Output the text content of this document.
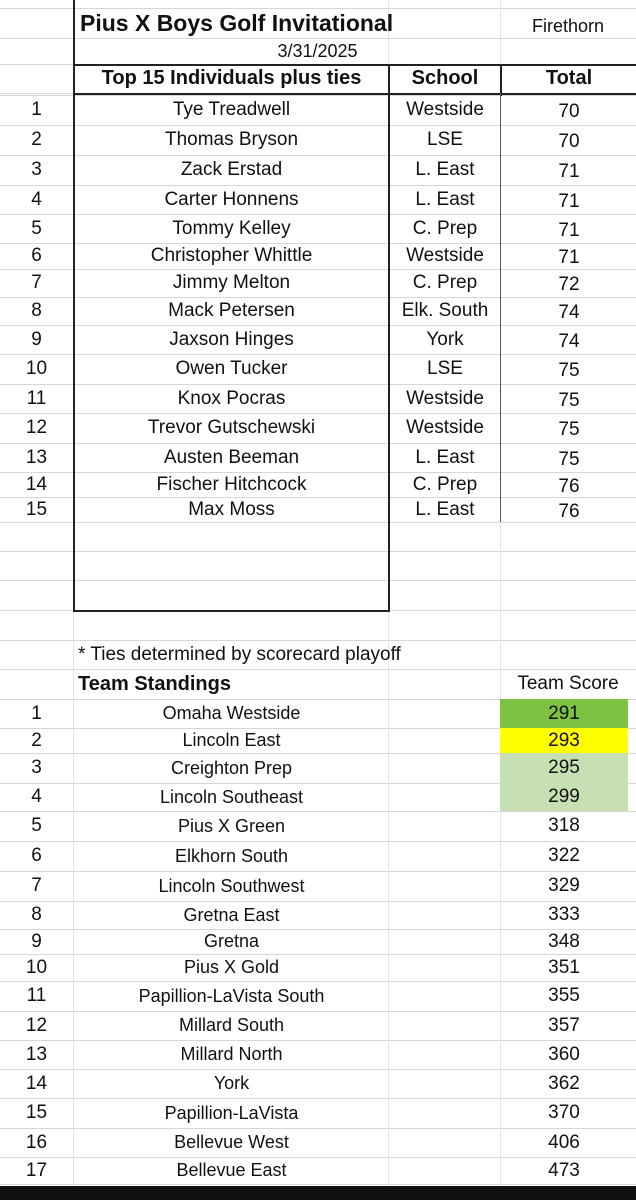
Pius X Boys Golf Invitational	Firethorn
3/31/2025
Top 15 Individuals plus ties	School	Total
1	Tye Treadwell	Westside	70
2	Thomas Bryson	LSE	70
3	Zack Erstad	L. East	71
4	Carter Honnens	L. East	71
5	Tommy Kelley	C. Prep	71
6	Christopher Whittle	Westside	71
7	Jimmy Melton	C. Prep	72
8	Mack Petersen	Elk. South	74
9	Jaxson Hinges	York	74
10	Owen Tucker	LSE	75
11	Knox Pocras	Westside	75
12	Trevor Gutschewski	Westside	75
13	Austen Beeman	L. East	75
14	Fischer Hitchcock	C. Prep	76
15	Max Moss	L. East	76
* Ties determined by scorecard playoff
Team Standings	Team Score
1	Omaha Westside	291
2	Lincoln East	293
3	Creighton Prep	295
4	Lincoln Southeast	299
5	Pius X Green	318
6	Elkhorn South	322
7	Lincoln Southwest	329
8	Gretna East	333
9	Gretna	348
10	Pius X Gold	351
11	Papillion-LaVista South	355
12	Millard South	357
13	Millard North	360
14	York	362
15	Papillion-LaVista	370
16	Bellevue West	406
17	Bellevue East	473
